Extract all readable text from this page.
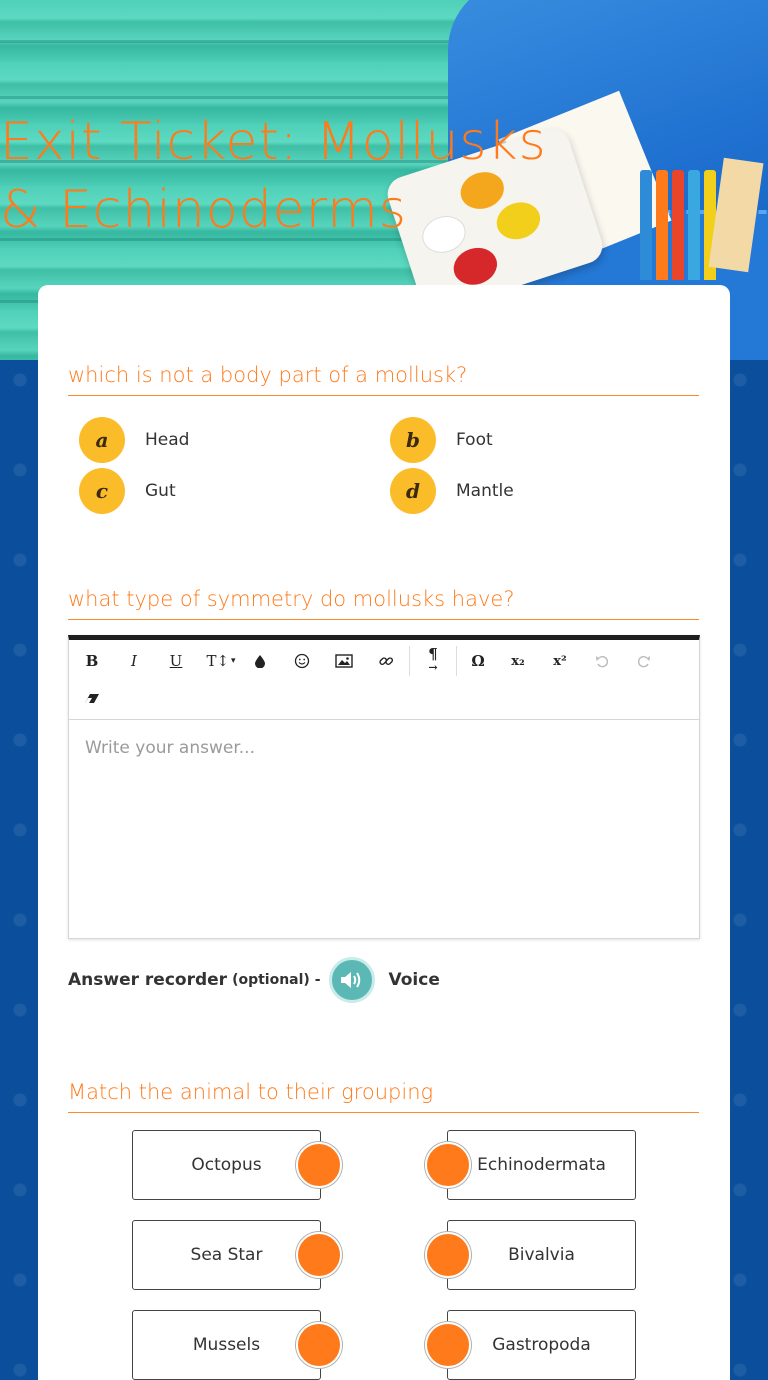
Exit Ticket: Mollusks & Echinoderms
which is not a body part of a mollusk?
a	Head	b	Foot
c	Gut	d	Mantle
what type of symmetry do mollusks have?
B	I	U	T↕ ▾	¶
→	Ω	x₂	x²
Write your answer...
Answer recorder (optional) -	Voice
Match the animal to their grouping
Octopus	Echinodermata
Sea Star	Bivalvia
Mussels	Gastropoda
